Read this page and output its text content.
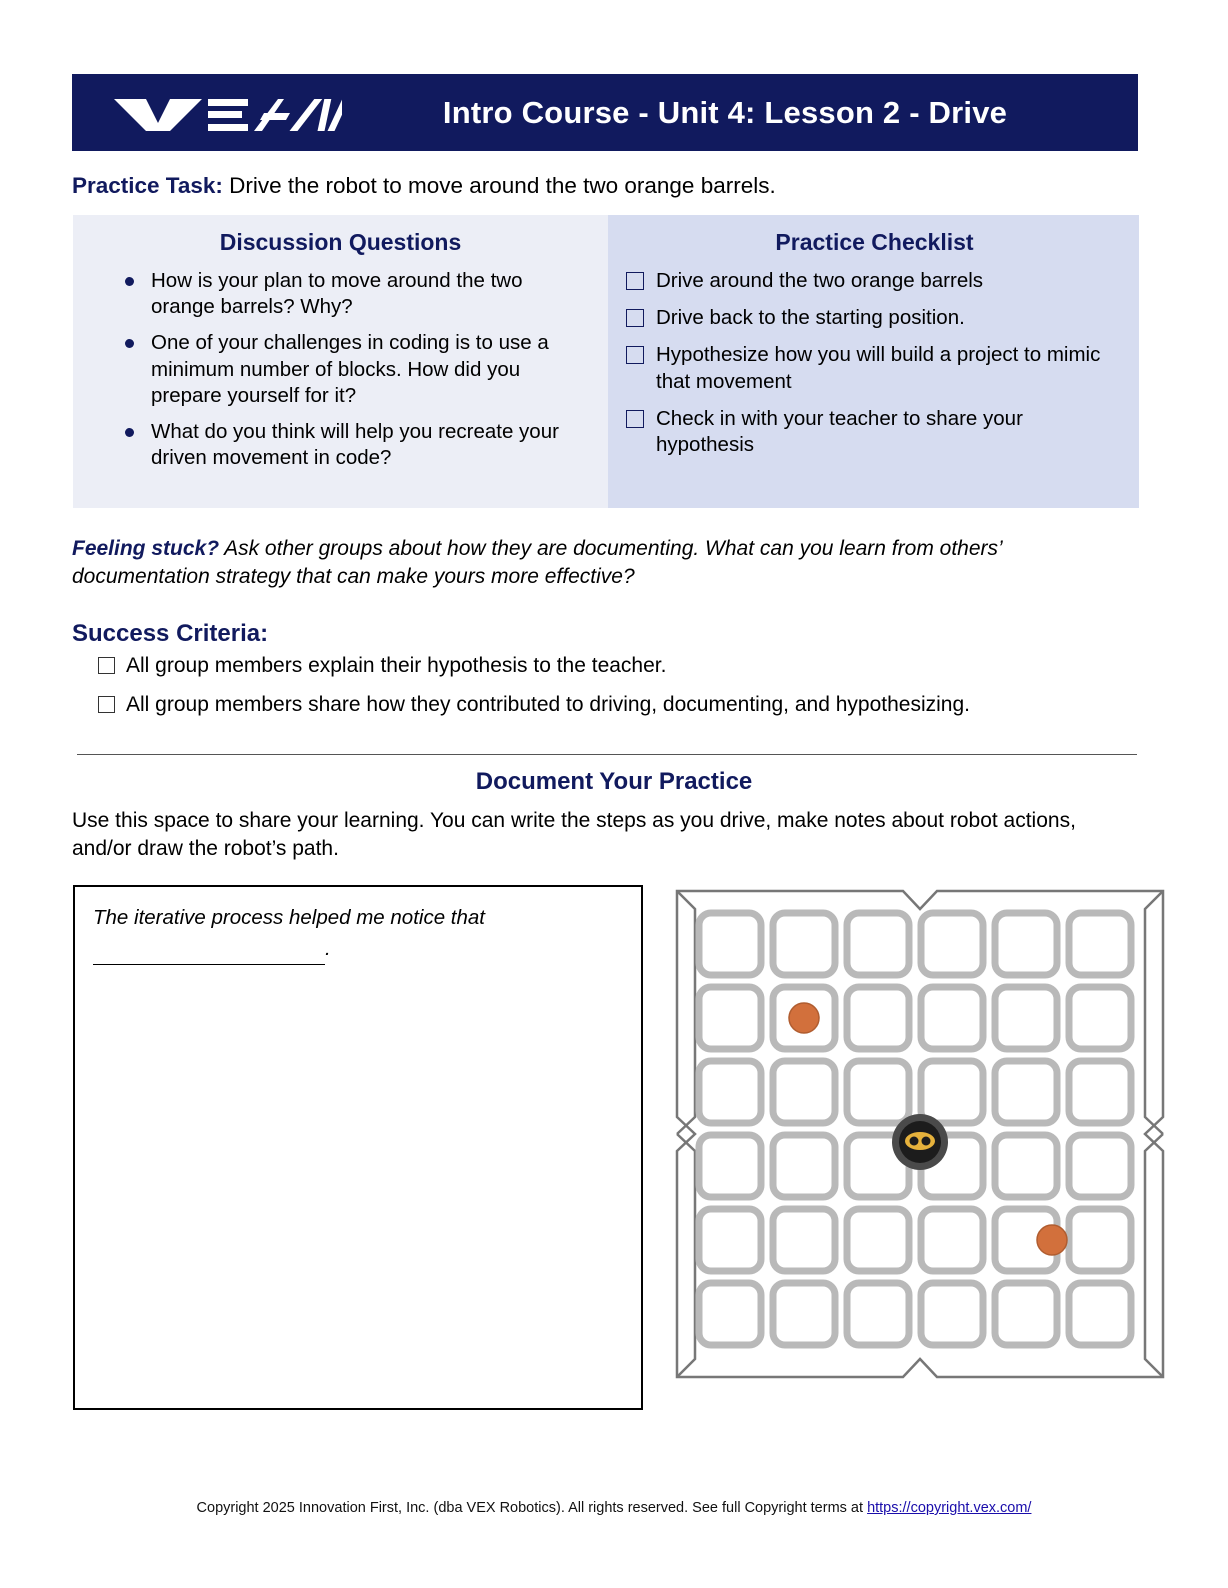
Intro Course - Unit 4: Lesson 2 - Drive
Practice Task: Drive the robot to move around the two orange barrels.
Discussion Questions
How is your plan to move around the two orange barrels? Why?
One of your challenges in coding is to use a minimum number of blocks. How did you prepare yourself for it?
What do you think will help you recreate your driven movement in code?
Practice Checklist
Drive around the two orange barrels
Drive back to the starting position.
Hypothesize how you will build a project to mimic that movement
Check in with your teacher to share your hypothesis
Feeling stuck? Ask other groups about how they are documenting. What can you learn from others’ documentation strategy that can make yours more effective?
Success Criteria:
All group members explain their hypothesis to the teacher.
All group members share how they contributed to driving, documenting, and hypothesizing.
Document Your Practice
Use this space to share your learning. You can write the steps as you drive, make notes about robot actions, and/or draw the robot’s path.
The iterative process helped me notice that
.
Copyright 2025 Innovation First, Inc. (dba VEX Robotics). All rights reserved. See full Copyright terms at https://copyright.vex.com/
